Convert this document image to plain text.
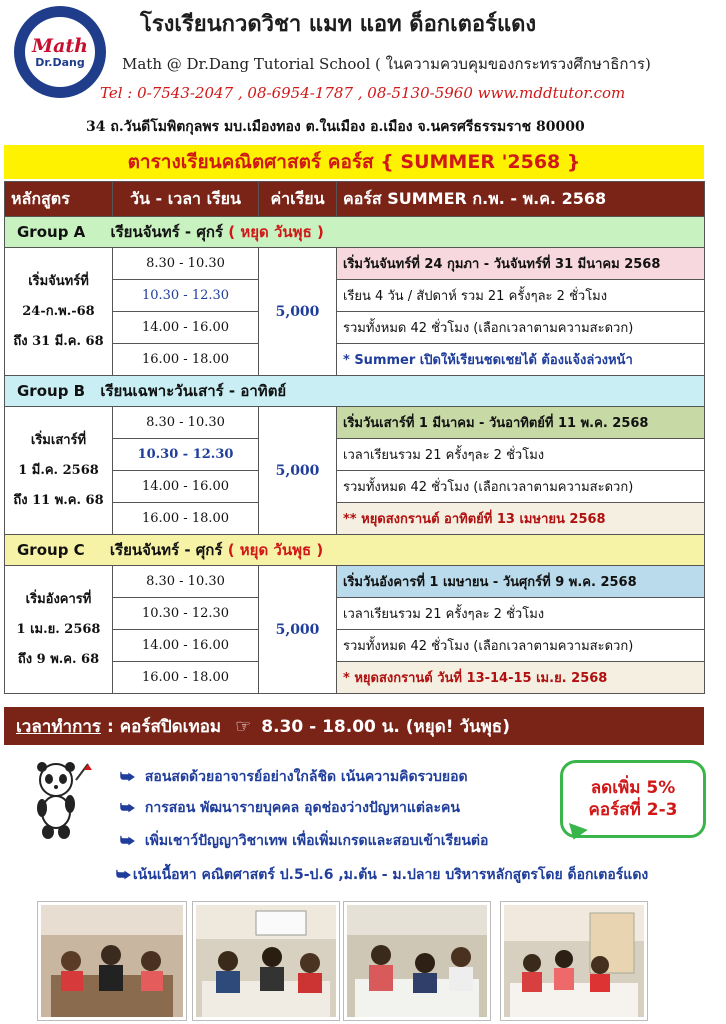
Math
Dr.Dang
โรงเรียนกวดวิชา แมท แอท ด็อกเตอร์แดง
Math @ Dr.Dang Tutorial School ( ในความควบคุมของกระทรวงศึกษาธิการ)
Tel : 0-7543-2047 , 08-6954-1787 , 08-5130-5960 www.mddtutor.com
34 ถ.วันดีโมพิตกุลพร มบ.เมืองทอง ต.ในเมือง อ.เมือง จ.นครศรีธรรมราช 80000
ตารางเรียนคณิตศาสตร์ คอร์ส { SUMMER '2568 }
หลักสูตร	วัน - เวลา เรียน	ค่าเรียน	คอร์ส SUMMER ก.พ. - พ.ค. 2568
Group A เรียนจันทร์ - ศุกร์ ( หยุด วันพุธ )			

เริ่มจันทร์ที่
24-ก.พ.-68
ถึง 31 มี.ค. 68	8.30 - 10.30	5,000	เริ่มวันจันทร์ที่ 24 กุมภา - วันจันทร์ที่ 31 มีนาคม 2568
	10.30 - 12.30		เรียน 4 วัน / สัปดาห์ รวม 21 ครั้งๆละ 2 ชั่วโมง
	14.00 - 16.00		รวมทั้งหมด 42 ชั่วโมง (เลือกเวลาตามความสะดวก)
	16.00 - 18.00		* Summer เปิดให้เรียนชดเชยได้ ต้องแจ้งล่วงหน้า
Group B เรียนเฉพาะวันเสาร์ - อาทิตย์			

เริ่มเสาร์ที่
1 มี.ค. 2568
ถึง 11 พ.ค. 68	8.30 - 10.30	5,000	เริ่มวันเสาร์ที่ 1 มีนาคม - วันอาทิตย์ที่ 11 พ.ค. 2568
	10.30 - 12.30		เวลาเรียนรวม 21 ครั้งๆละ 2 ชั่วโมง
	14.00 - 16.00		รวมทั้งหมด 42 ชั่วโมง (เลือกเวลาตามความสะดวก)
	16.00 - 18.00		** หยุดสงกรานต์ อาทิตย์ที่ 13 เมษายน 2568
Group C เรียนจันทร์ - ศุกร์ ( หยุด วันพุธ )			

เริ่มอังคารที่
1 เม.ย. 2568
ถึง 9 พ.ค. 68	8.30 - 10.30	5,000	เริ่มวันอังคารที่ 1 เมษายน - วันศุกร์ที่ 9 พ.ค. 2568
	10.30 - 12.30		เวลาเรียนรวม 21 ครั้งๆละ 2 ชั่วโมง
	14.00 - 16.00		รวมทั้งหมด 42 ชั่วโมง (เลือกเวลาตามความสะดวก)
	16.00 - 18.00		* หยุดสงกรานต์ วันที่ 13-14-15 เม.ย. 2568
เวลาทำการ : คอร์สปิดเทอม ☞ 8.30 - 18.00 น. (หยุด! วันพุธ)
⮩ สอนสดด้วยอาจารย์อย่างใกล้ชิด เน้นความคิดรวบยอด
⮩ การสอน พัฒนารายบุคคล อุดช่องว่างปัญหาแต่ละคน
⮩ เพิ่มเชาว์ปัญญาวิชาเทพ เพื่อเพิ่มเกรดและสอบเข้าเรียนต่อ
⮩ เน้นเนื้อหา คณิตศาสตร์ ป.5-ป.6 ,ม.ต้น - ม.ปลาย บริหารหลักสูตรโดย ด็อกเตอร์แดง
ลดเพิ่ม 5%
คอร์สที่ 2-3
